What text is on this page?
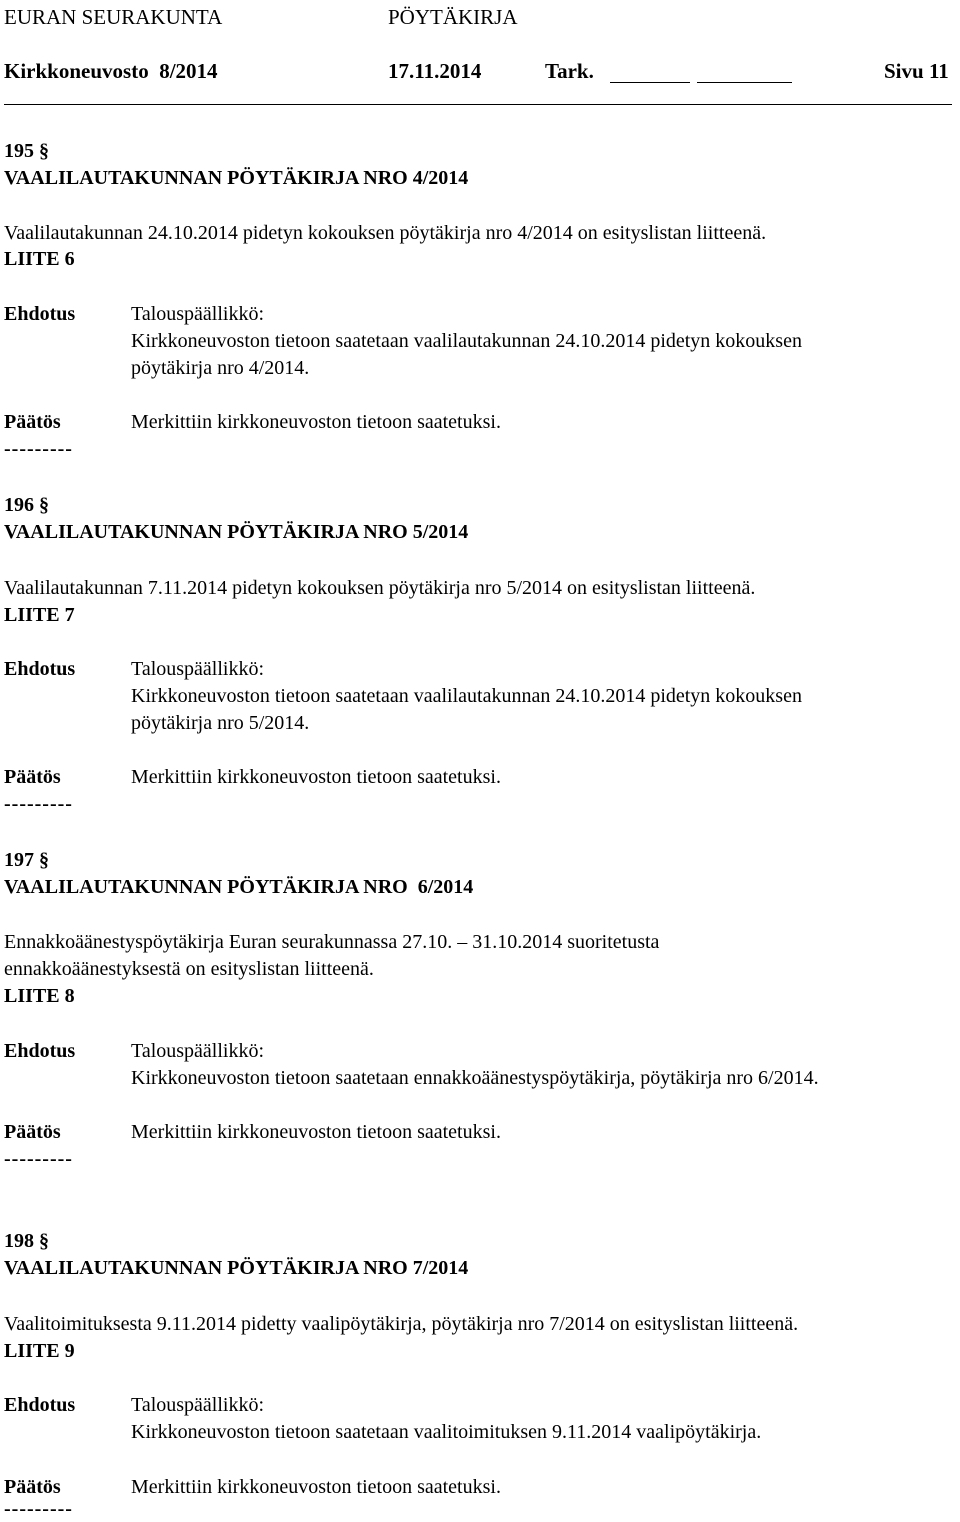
EURAN SEURAKUNTA	PÖYTÄKIRJA
Kirkkoneuvosto  8/2014	17.11.2014	Tark.	Sivu 11
195 §
VAALILAUTAKUNNAN PÖYTÄKIRJA NRO 4/2014
Vaalilautakunnan 24.10.2014 pidetyn kokouksen pöytäkirja nro 4/2014 on esityslistan liitteenä.
LIITE 6
Ehdotus	Talouspäällikkö:
Kirkkoneuvoston tietoon saatetaan vaalilautakunnan 24.10.2014 pidetyn kokouksen
pöytäkirja nro 4/2014.
Päätös	Merkittiin kirkkoneuvoston tietoon saatetuksi.
---------
196 §
VAALILAUTAKUNNAN PÖYTÄKIRJA NRO 5/2014
Vaalilautakunnan 7.11.2014 pidetyn kokouksen pöytäkirja nro 5/2014 on esityslistan liitteenä.
LIITE 7
Ehdotus	Talouspäällikkö:
Kirkkoneuvoston tietoon saatetaan vaalilautakunnan 24.10.2014 pidetyn kokouksen
pöytäkirja nro 5/2014.
Päätös	Merkittiin kirkkoneuvoston tietoon saatetuksi.
---------
197 §
VAALILAUTAKUNNAN PÖYTÄKIRJA NRO  6/2014
Ennakkoäänestyspöytäkirja Euran seurakunnassa 27.10. – 31.10.2014 suoritetusta
ennakkoäänestyksestä on esityslistan liitteenä.
LIITE 8
Ehdotus	Talouspäällikkö:
Kirkkoneuvoston tietoon saatetaan ennakkoäänestyspöytäkirja, pöytäkirja nro 6/2014.
Päätös	Merkittiin kirkkoneuvoston tietoon saatetuksi.
---------
198 §
VAALILAUTAKUNNAN PÖYTÄKIRJA NRO 7/2014
Vaalitoimituksesta 9.11.2014 pidetty vaalipöytäkirja, pöytäkirja nro 7/2014 on esityslistan liitteenä.
LIITE 9
Ehdotus	Talouspäällikkö:
Kirkkoneuvoston tietoon saatetaan vaalitoimituksen 9.11.2014 vaalipöytäkirja.
Päätös	Merkittiin kirkkoneuvoston tietoon saatetuksi.
---------
